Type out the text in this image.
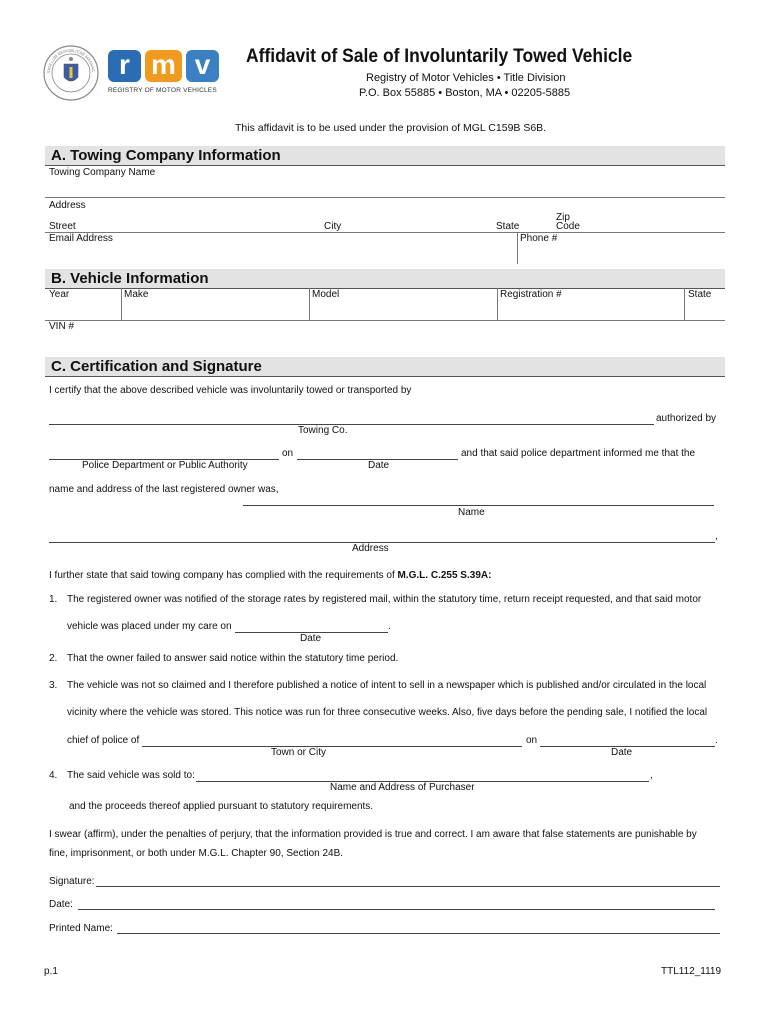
SIGILLUM REIPUBLICAE MASSAC r m v
REGISTRY OF MOTOR VEHICLES
Affidavit of Sale of Involuntarily Towed Vehicle
Registry of Motor Vehicles • Title Division
P.O. Box 55885 • Boston, MA • 02205-5885
This affidavit is to be used under the provision of MGL C159B S6B.
A. Towing Company Information
Towing Company Name
Address
Street	City	State
Zip
Code
Email Address	Phone #
B. Vehicle Information
Year	Make	Model	Registration #	State
VIN #
C. Certification and Signature
I certify that the above described vehicle was involuntarily towed or transported by
authorized by
Towing Co.
on	and that said police department informed me that the
Police Department or Public Authority	Date
name and address of the last registered owner was,
Name
,
Address
I further state that said towing company has complied with the requirements of M.G.L. C.255 S.39A:
1. The registered owner was notified of the storage rates by registered mail, within the statutory time, return receipt requested, and that said motor
vehicle was placed under my care on	.
Date
2. That the owner failed to answer said notice within the statutory time period.
3. The vehicle was not so claimed and I therefore published a notice of intent to sell in a newspaper which is published and/or circulated in the local
vicinity where the vehicle was stored. This notice was run for three consecutive weeks. Also, five days before the pending sale, I notified the local
chief of police of	on	.
Town or City	Date
4. The said vehicle was sold to:	,
Name and Address of Purchaser
and the proceeds thereof applied pursuant to statutory requirements.
I swear (affirm), under the penalties of perjury, that the information provided is true and correct. I am aware that false statements are punishable by
fine, imprisonment, or both under M.G.L. Chapter 90, Section 24B.
Signature:
Date:
Printed Name:
p.1	TTL112_1119
